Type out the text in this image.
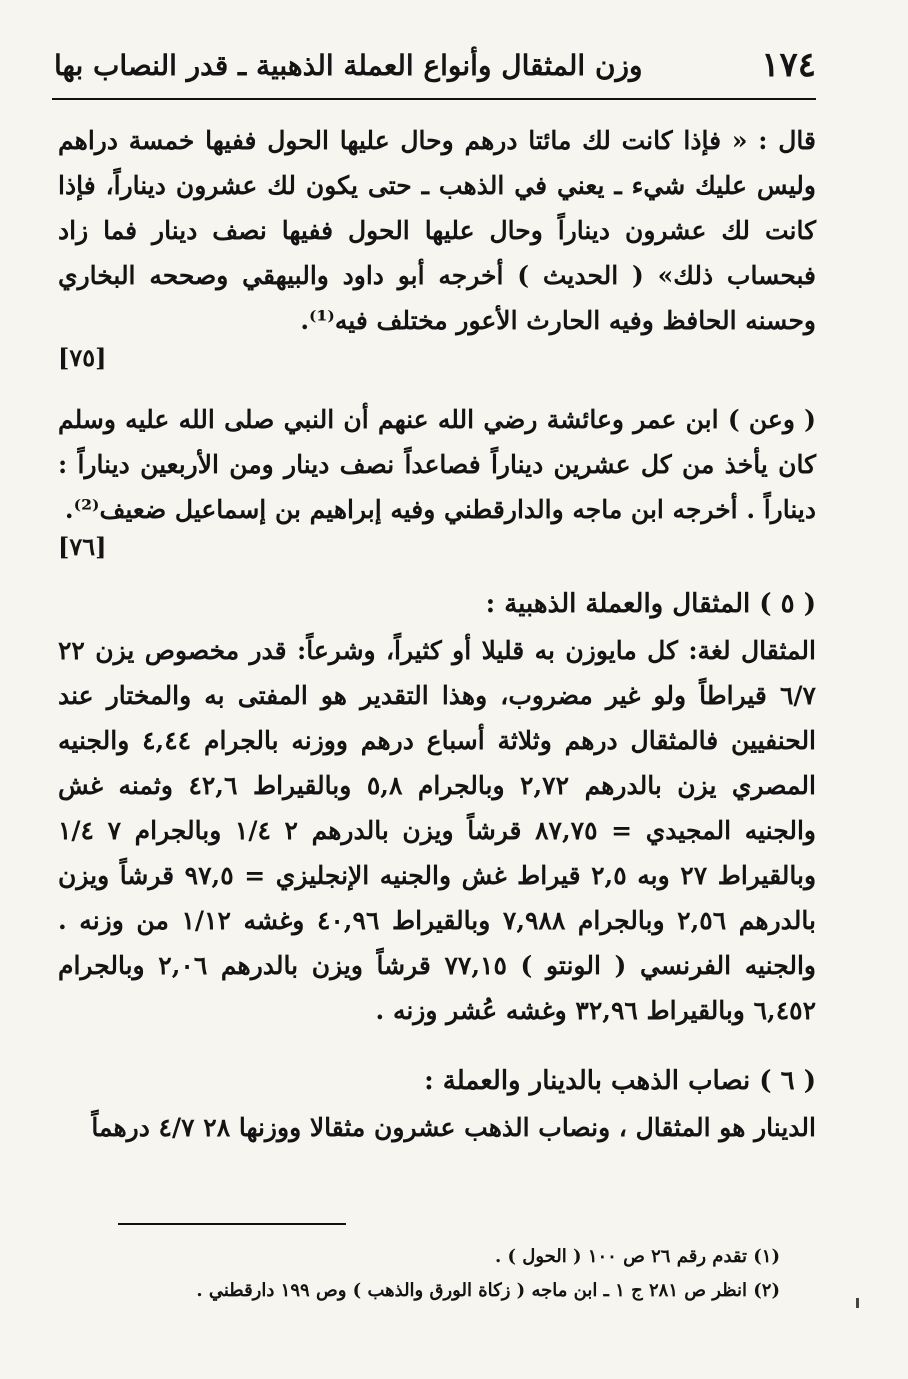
١٧٤
وزن المثقال وأنواع العملة الذهبية ـ قدر النصاب بها

قال : « فإذا كانت لك مائتا درهم وحال عليها الحول ففيها خمسة دراهم وليس عليك شيء ـ يعني في الذهب ـ حتى يكون لك عشرون ديناراً، فإذا كانت لك عشرون ديناراً وحال عليها الحول ففيها نصف دينار فما زاد فبحساب ذلك» ( الحديث ) أخرجه أبو داود والبيهقي وصححه البخاري وحسنه الحافظ وفيه الحارث الأعور مختلف فيه⁽¹⁾.

[٧٥]

( وعن ) ابن عمر وعائشة رضي الله عنهم أن النبي صلى الله عليه وسلم كان يأخذ من كل عشرين ديناراً فصاعداً نصف دينار ومن الأربعين ديناراً : ديناراً . أخرجه ابن ماجه والدارقطني وفيه إبراهيم بن إسماعيل ضعيف⁽²⁾.

[٧٦]

( ٥ ) المثقال والعملة الذهبية :

المثقال لغة: كل مايوزن به قليلا أو كثيراً، وشرعاً: قدر مخصوص يزن ٢٢ ٦/٧ قيراطاً ولو غير مضروب، وهذا التقدير هو المفتى به والمختار عند الحنفيين فالمثقال درهم وثلاثة أسباع درهم ووزنه بالجرام ٤,٤٤ والجنيه المصري يزن بالدرهم ٢,٧٢ وبالجرام ٥,٨ وبالقيراط ٤٢,٦ وثمنه غش والجنيه المجيدي = ٨٧,٧٥ قرشاً ويزن بالدرهم ٢ ١/٤ وبالجرام ٧ ١/٤ وبالقيراط ٢٧ وبه ٢,٥ قيراط غش والجنيه الإنجليزي = ٩٧,٥ قرشاً ويزن بالدرهم ٢,٥٦ وبالجرام ٧,٩٨٨ وبالقيراط ٤٠,٩٦ وغشه ١/١٢ من وزنه . والجنيه الفرنسي ( الونتو ) ٧٧,١٥ قرشاً ويزن بالدرهم ٢,٠٦ وبالجرام ٦,٤٥٢ وبالقيراط ٣٢,٩٦ وغشه عُشر وزنه .

( ٦ ) نصاب الذهب بالدينار والعملة :

الدينار هو المثقال ، ونصاب الذهب عشرون مثقالا ووزنها ٢٨ ٤/٧ درهماً

(١) تقدم رقم ٢٦ ص ١٠٠ ( الحول ) .

(٢) انظر ص ٢٨١ ج ١ ـ ابن ماجه ( زكاة الورق والذهب ) وص ١٩٩ دارقطني .
